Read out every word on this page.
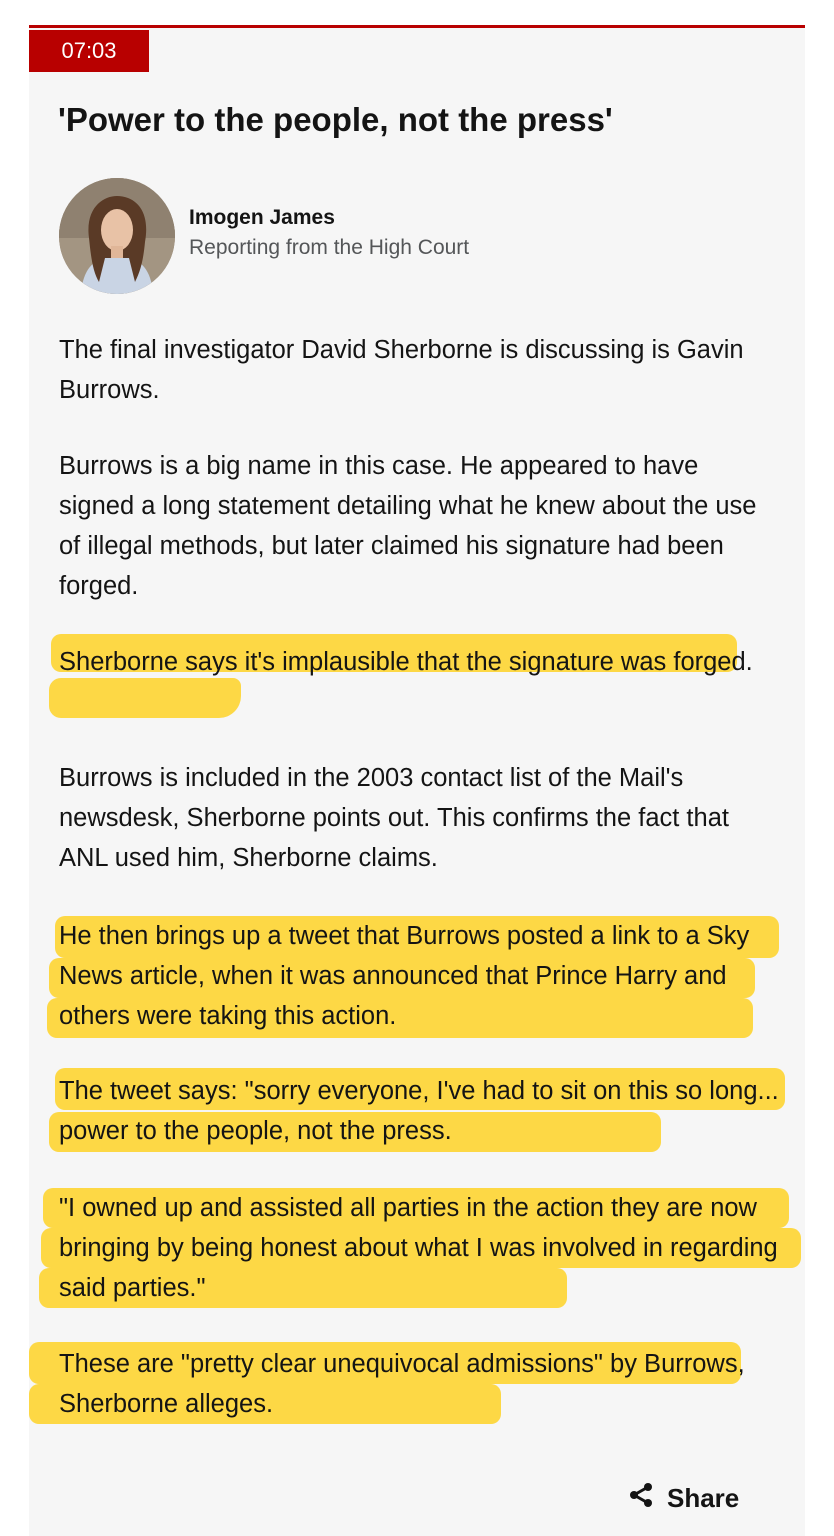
07:03
'Power to the people, not the press'
Imogen James
Reporting from the High Court

The final investigator David Sherborne is discussing is Gavin Burrows.

Burrows is a big name in this case. He appeared to have signed a long statement detailing what he knew about the use of illegal methods, but later claimed his signature had been forged.

Sherborne says it's implausible that the signature was forged.

Burrows is included in the 2003 contact list of the Mail's newsdesk, Sherborne points out. This confirms the fact that ANL used him, Sherborne claims.

He then brings up a tweet that Burrows posted a link to a Sky News article, when it was announced that Prince Harry and others were taking this action.

The tweet says: "sorry everyone, I've had to sit on this so long... power to the people, not the press.

"I owned up and assisted all parties in the action they are now bringing by being honest about what I was involved in regarding said parties."

These are "pretty clear unequivocal admissions" by Burrows, Sherborne alleges.

Share
